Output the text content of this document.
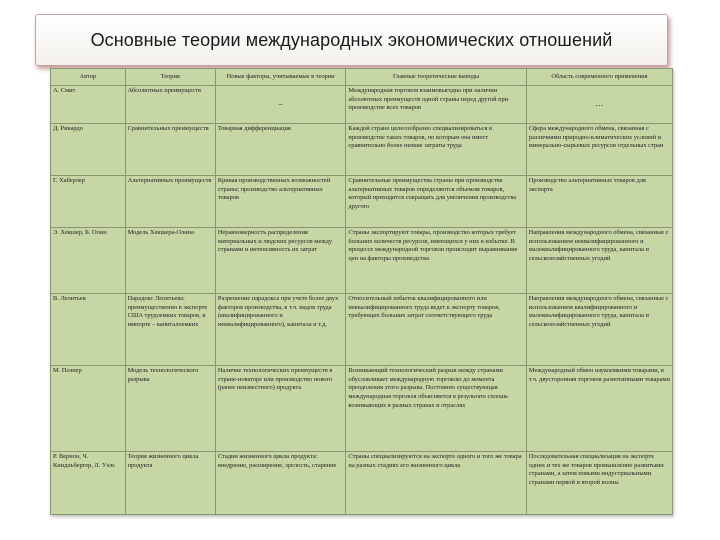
Основные теории международных экономических отношений
Автор	Теория	Новые факторы, учитываемые в теории	Главные теоретические выводы	Область современного применения
А. Смит	Абсолютных преимуществ	–	Международная торговля взаимовыгодна при наличии абсолютных преимуществ одной страны перед другой при производстве всех товаров	…
Д. Рикардо	Сравнительных преимуществ	Товарная дифференциация	Каждой стране целесообразно специализироваться в производстве таких товаров, по которым она имеет сравнительно более низкие затраты труда	Сфера международного обмена, связанная с различиями природно-климатических условий и минерально-сырьевых ресурсов отдельных стран
Г. Хаберлер	Альтернативных преимуществ	Кривая производственных возможностей страны; производство альтернативных товаров	Сравнительные преимущества страны при производстве альтернативных товаров определяются объемом товаров, который приходится сокращать для увеличения производства другого	Производство альтернативных товаров для экспорта
Э. Хекшер, Б. Олин	Модель Хекшера-Олина	Неравномерность распределения материальных и людских ресурсов между странами и интенсивность их затрат	Страны экспортируют товары, производство которых требует больших количеств ресурсов, имеющихся у них в избытке. В процессе международной торговли происходит выравнивание цен на факторы производства	Направления международного обмена, связанные с использованием неквалифицированного и малоквалифицированного труда, капитала и сельскохозяйственных угодий
В. Леонтьев	Парадокс Леонтьева: преимущественно в экспорте США трудоемких товаров, в импорте – капиталоемких	Разрешение парадокса при учете более двух факторов производства, в т.ч. видов труда (квалифицированного и неквалифицированного), капитала и т.д.	Относительный избыток квалифицированного или неквалифицированного труда ведет к экспорту товаров, требующих больших затрат соответствующего труда	Направления международного обмена, связанные с использованием квалифицированного и малоквалифицированного труда, капитала и сельскохозяйственных угодий
М. Познер	Модель технологического разрыва	Наличие технологических преимуществ в стране-новаторе или производство нового (ранее неизвестного) продукта	Возникающий технологический разрыв между странами обусловливает международную торговлю до момента преодоления этого разрыва. Постоянно существующая международная торговля объясняется в результате сплошь возникающих в разных странах и отраслях	Международный обмен наукоемкими товарами, в т.ч. двусторонняя торговля разнотипными товарами
Р. Вернон, Ч. Киндльбергер, Л. Уэлс	Теория жизненного цикла продукта	Стадии жизненного цикла продукта: внедрение, расширение, зрелость, старение	Страны специализируются на экспорте одного и того же товара на разных стадиях его жизненного цикла	Последовательная специализация на экспорте одних и тех же товаров промышленно развитыми странами, а затем новыми индустриальными странами первой и второй волны
